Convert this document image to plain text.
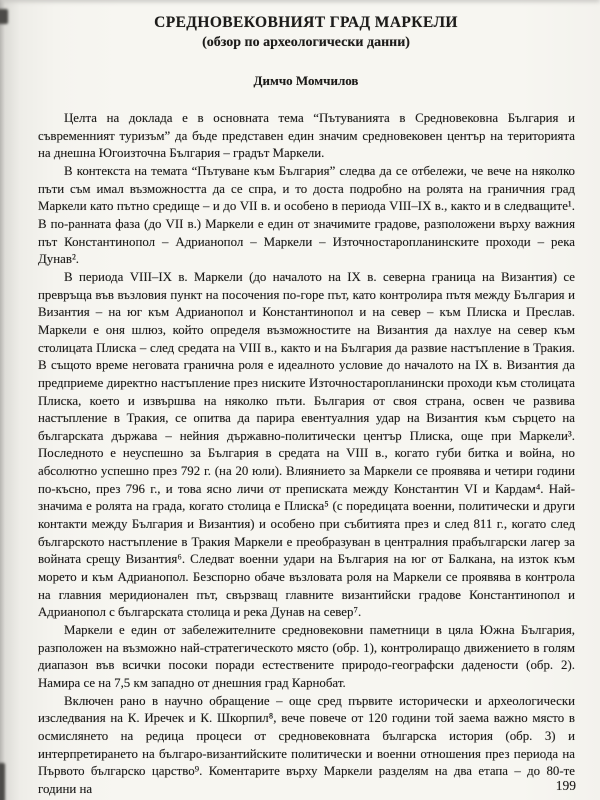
СРЕДНОВЕКОВНИЯТ ГРАД МАРКЕЛИ
(обзор по археологически данни)
Димчо Момчилов

Целта на доклада е в основната тема “Пътуванията в Средновековна България и съвременният туризъм” да бъде представен един значим средновековен център на територията на днешна Югоизточна България – градът Маркели.

В контекста на темата “Пътуване към България” следва да се отбележи, че вече на няколко пъти съм имал възможността да се спра, и то доста подробно на ролята на граничния град Маркели като пътно средище – и до VII в. и особено в периода VIII–IX в., както и в следващите¹. В по-ранната фаза (до VII в.) Маркели е един от значимите градове, разположени върху важния път Константинопол – Адрианопол – Маркели – Източностаропланинските проходи – река Дунав².

В периода VIII–IX в. Маркели (до началото на IX в. северна граница на Византия) се превръща във възловия пункт на посочения по-горе път, като контролира пътя между България и Византия – на юг към Адрианопол и Константинопол и на север – към Плиска и Преслав. Маркели е оня шлюз, който определя възможностите на Византия да нахлуе на север към столицата Плиска – след средата на VIII в., както и на България да развие настъпление в Тракия. В същото време неговата гранична роля е идеалното условие до началото на IX в. Византия да предприеме директно настъпление през ниските Източностаропланински проходи към столицата Плиска, което и извършва на няколко пъти. България от своя страна, освен че развива настъпление в Тракия, се опитва да парира евентуалния удар на Византия към сърцето на българската държава – нейния държавно-политически център Плиска, още при Маркели³. Последното е неуспешно за България в средата на VIII в., когато губи битка и война, но абсолютно успешно през 792 г. (на 20 юли). Влиянието за Маркели се проявява и четири години по-късно, през 796 г., и това ясно личи от преписката между Константин VI и Кардам⁴. Най-значима е ролята на града, когато столица е Плиска⁵ (с поредицата военни, политически и други контакти между България и Византия) и особено при събитията през и след 811 г., когато след българското настъпление в Тракия Маркели е преобразуван в централния прабългарски лагер за войната срещу Византия⁶. Следват военни удари на България на юг от Балкана, на изток към морето и към Адрианопол. Безспорно обаче възловата роля на Маркели се проявява в контрола на главния меридионален път, свързващ главните византийски градове Константинопол и Адрианопол с българската столица и река Дунав на север⁷.

Маркели е един от забележителните средновековни паметници в цяла Южна България, разположен на възможно най-стратегическото място (обр. 1), контролиращо движението в голям диапазон във всички посоки поради естествените природо-географски дадености (обр. 2). Намира се на 7,5 км западно от днешния град Карнобат.

Включен рано в научно обращение – още сред първите исторически и археологически изследвания на К. Иречек и К. Шкорпил⁸, вече повече от 120 години той заема важно място в осмислянето на редица процеси от средновековната българска история (обр. 3) и интерпретирането на българо-византийските политически и военни отношения през периода на Първото българско царство⁹. Коментарите върху Маркели разделям на два етапа – до 80-те години на	199
